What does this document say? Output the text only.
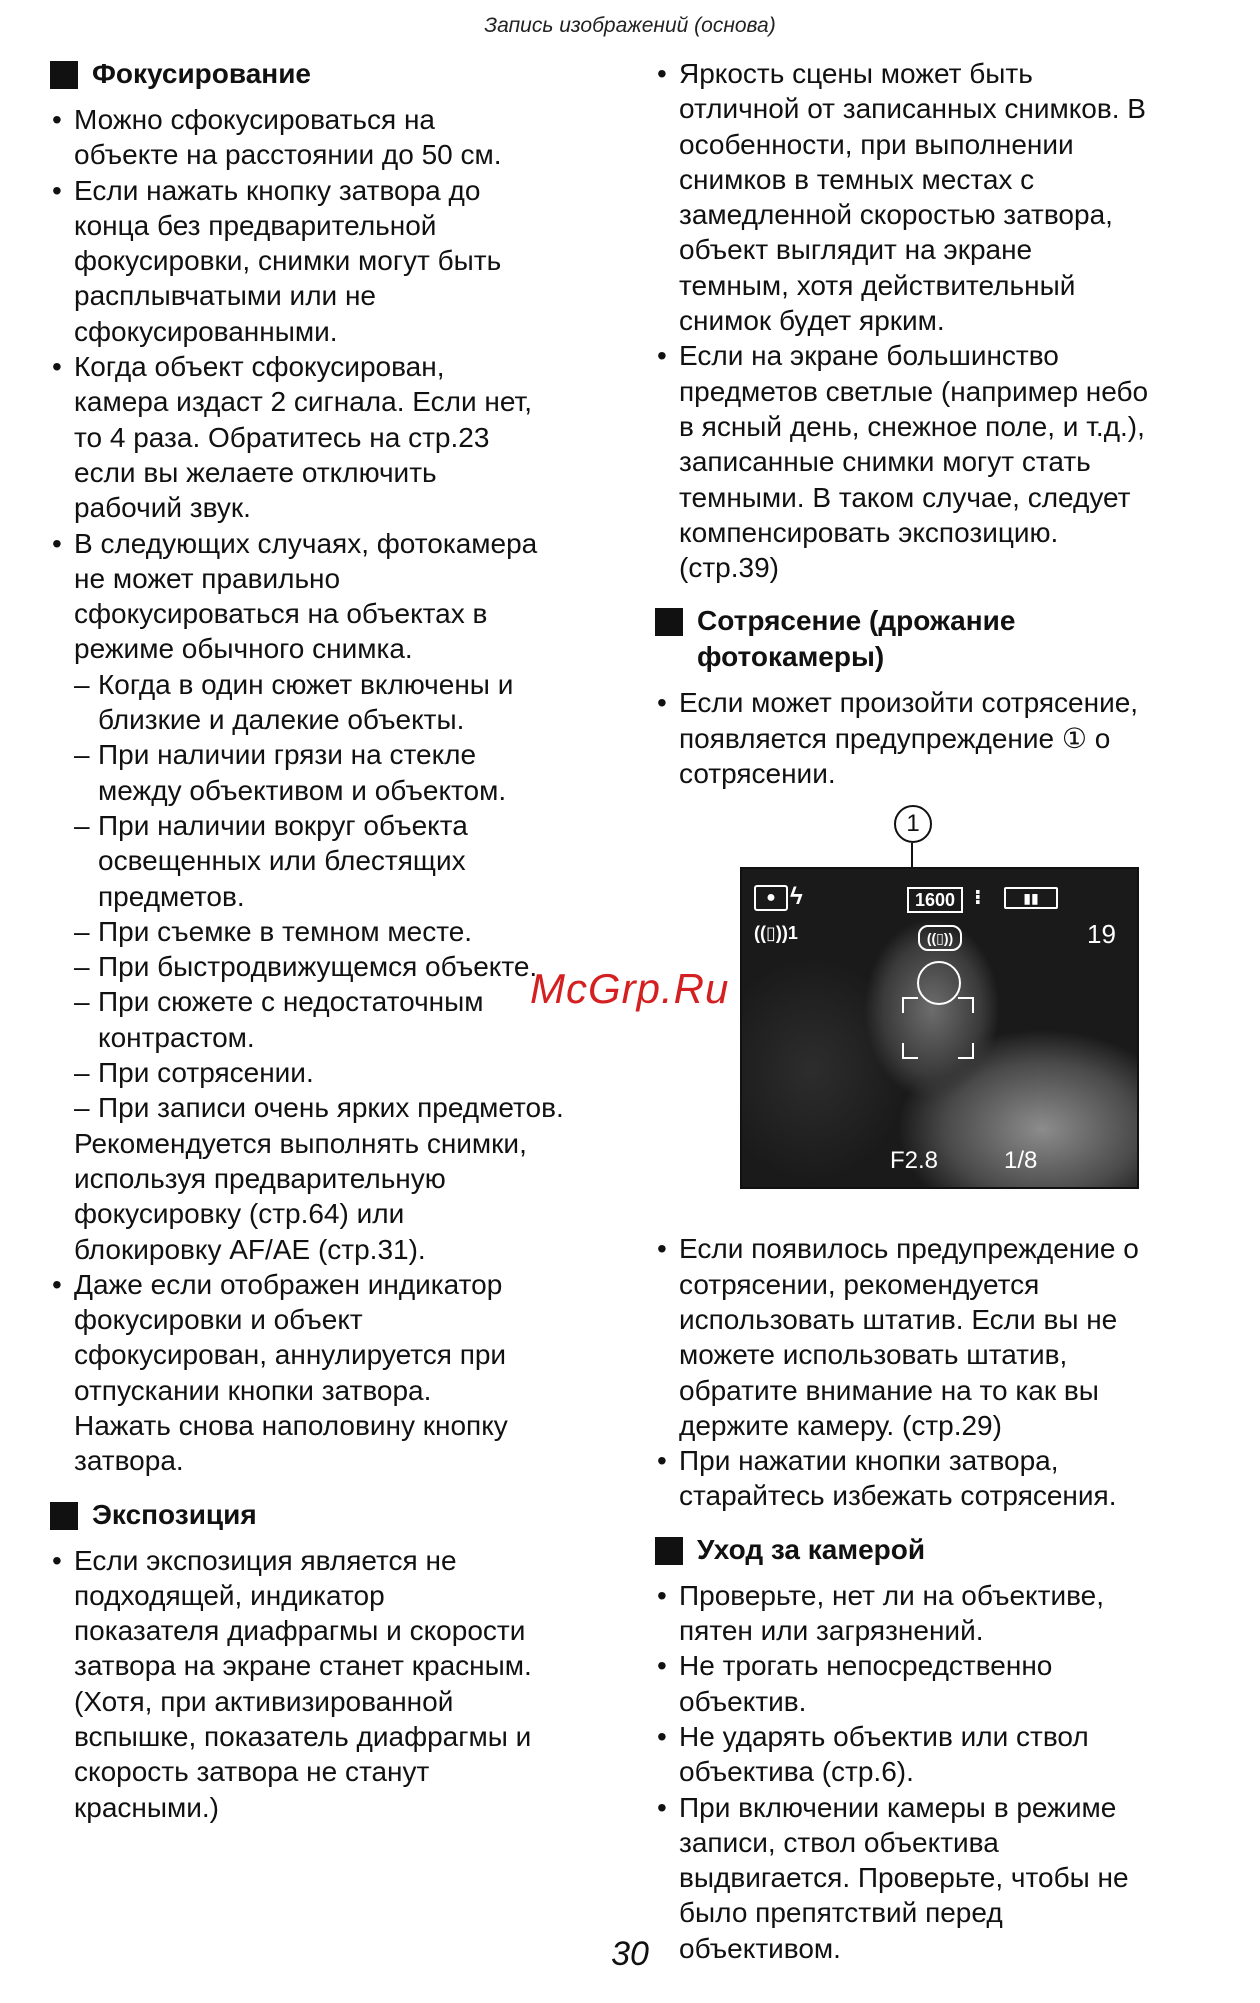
Запись изображений (основа)
Фокусирование
• Можно сфокусироваться на
объекте на расстоянии до 50 см.
• Если нажать кнопку затвора до
конца без предварительной
фокусировки, снимки могут быть
расплывчатыми или не
сфокусированными.
• Когда объект сфокусирован,
камера издаст 2 сигнала. Если нет,
то 4 раза. Обратитесь на стр.23
если вы желаете отключить
рабочий звук.
• В следующих случаях, фотокамера
не может правильно
сфокусироваться на объектах в
режиме обычного снимка.
– Когда в один сюжет включены и
близкие и далекие объекты.
– При наличии грязи на стекле
между объективом и объектом.
– При наличии вокруг объекта
освещенных или блестящих
предметов.
– При съемке в темном месте.
– При быстродвижущемся объекте.
– При сюжете с недостаточным
контрастом.
– При сотрясении.
– При записи очень ярких предметов.
Рекомендуется выполнять снимки,
используя предварительную
фокусировку (стр.64) или
блокировку AF/AE (стр.31).
• Даже если отображен индикатор
фокусировки и объект
сфокусирован, аннулируется при
отпускании кнопки затвора.
Нажать снова наполовину кнопку
затвора.
Экспозиция
• Если экспозиция является не
подходящей, индикатор
показателя диафрагмы и скорости
затвора на экране станет красным.
(Хотя, при активизированной
вспышке, показатель диафрагмы и
скорость затвора не станут
красными.)
• Яркость сцены может быть
отличной от записанных снимков. В
особенности, при выполнении
снимков в темных местах с
замедленной скоростью затвора,
объект выглядит на экране
темным, хотя действительный
снимок будет ярким.
• Если на экране большинство
предметов светлые (например небо
в ясный день, снежное поле, и т.д.),
записанные снимки могут стать
темными. В таком случае, следует
компенсировать экспозицию.
(стр.39)
Сотрясение (дрожание
фотокамеры)
• Если может произойти сотрясение,
появляется предупреждение ① о
сотрясении.
1
● ϟ	1600 ⁝	▮▮
((▯))1	((▯))	19
F2.8	1/8
• Если появилось предупреждение о
сотрясении, рекомендуется
использовать штатив. Если вы не
можете использовать штатив,
обратите внимание на то как вы
держите камеру. (стр.29)
• При нажатии кнопки затвора,
старайтесь избежать сотрясения.
Уход за камерой
• Проверьте, нет ли на объективе,
пятен или загрязнений.
• Не трогать непосредственно
объектив.
• Не ударять объектив или ствол
объектива (стр.6).
• При включении камеры в режиме
записи, ствол объектива
выдвигается. Проверьте, чтобы не
было препятствий перед
объективом.
McGrp.Ru
30
